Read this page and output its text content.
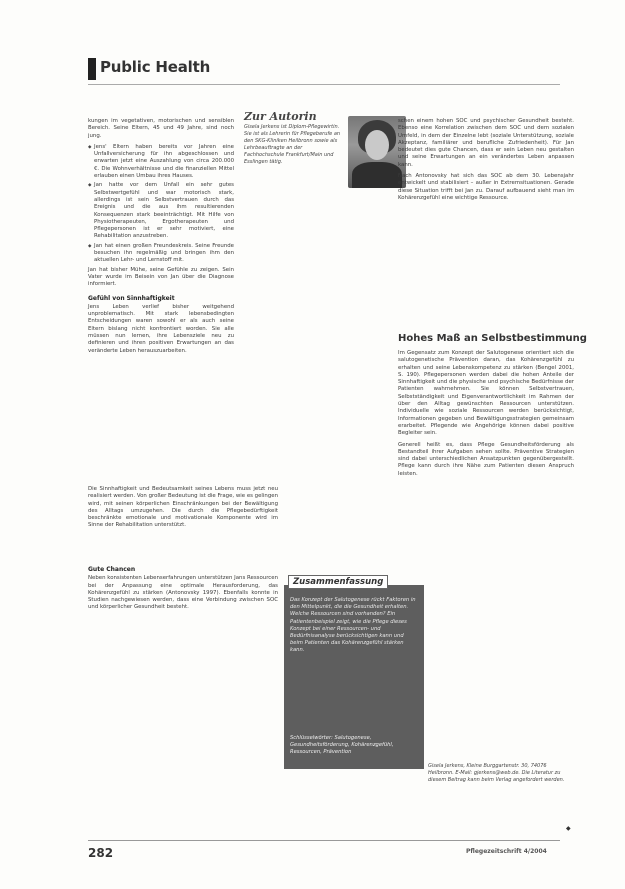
Public Health

kungen im vegetativen, motorischen und sensiblen Bereich. Seine Eltern, 45 und 49 Jahre, sind noch jung.

◆ Jens' Eltern haben bereits vor Jahren eine Unfallversicherung für ihn abgeschlossen und erwarten jetzt eine Auszahlung von circa 200.000 €. Die Wohnverhältnisse und die finanziellen Mittel erlauben einen Umbau ihres Hauses.
◆ Jan hatte vor dem Unfall ein sehr gutes Selbstwertgefühl und war motorisch stark, allerdings ist sein Selbstvertrauen durch das Ereignis und die aus ihm resultierenden Konsequenzen stark beeinträchtigt. Mit Hilfe von Physiotherapeuten, Ergotherapeuten und Pflegepersonen ist er sehr motiviert, eine Rehabilitation anzustreben.
◆ Jan hat einen großen Freundeskreis. Seine Freunde besuchen ihn regelmäßig und bringen ihm den aktuellen Lehr- und Lernstoff mit.

Jan hat bisher Mühe, seine Gefühle zu zeigen. Sein Vater wurde im Beisein von Jan über die Diagnose informiert.

Gefühl von Sinnhaftigkeit

Jens Leben verlief bisher weitgehend unproblematisch. Mit stark lebensbedingten Entscheidungen waren sowohl er als auch seine Eltern bislang nicht konfrontiert worden. Sie alle müssen nun lernen, ihre Lebensziele neu zu definieren und ihren positiven Erwartungen an das veränderte Leben herauszuarbeiten.

Zur Autorin
Gisela Jerkens ist Diplom-Pflegewirtin. Sie ist als Lehrerin für Pflegeberufe an den SKG-Kliniken Heilbronn sowie als Lehrbeauftragte an der Fachhochschule Frankfurt/Main und Esslingen tätig.

schen einem hohen SOC und psychischer Gesundheit besteht. Ebenso eine Korrelation zwischen dem SOC und dem sozialen Umfeld, in dem der Einzelne lebt (soziale Unterstützung, soziale Akzeptanz, familiärer und berufliche Zufriedenheit). Für Jan bedeutet dies gute Chancen, dass er sein Leben neu gestalten und seine Erwartungen an ein verändertes Leben anpassen kann.

Nach Antonovsky hat sich das SOC ab dem 30. Lebensjahr entwickelt und stabilisiert – außer in Extremsituationen. Gerade diese Situation trifft bei Jan zu. Darauf aufbauend sieht man im Kohärenzgefühl eine wichtige Ressource.

Hohes Maß an Selbstbestimmung

Im Gegensatz zum Konzept der Salutogenese orientiert sich die salutogenetische Prävention daran, das Kohärenzgefühl zu erhalten und seine Lebenskompetenz zu stärken (Bengel 2001, S. 190). Pflegepersonen werden dabei die hohen Anteile der Sinnhaftigkeit und die physische und psychische Bedürfnisse der Patienten wahrnehmen. Sie können Selbstvertrauen, Selbstständigkeit und Eigenverantwortlichkeit im Rahmen der über den Alltag gewünschten Ressourcen unterstützen. Individuelle wie soziale Ressourcen werden berücksichtigt, Informationen gegeben und Bewältigungsstrategien gemeinsam erarbeitet. Pflegende wie Angehörige können dabei positive Begleiter sein.

Generell heißt es, dass Pflege Gesundheitsförderung als Bestandteil ihrer Aufgaben sehen sollte. Präventive Strategien sind dabei unterschiedlichen Ansatzpunkten gegenübergestellt. Pflege kann durch ihre Nähe zum Patienten diesen Anspruch leisten.

Die Sinnhaftigkeit und Bedeutsamkeit seines Lebens muss jetzt neu realisiert werden. Von großer Bedeutung ist die Frage, wie es gelingen wird, mit seinen körperlichen Einschränkungen bei der Bewältigung des Alltags umzugehen. Die durch die Pflegebedürftigkeit beschränkte emotionale und motivationale Komponente wird im Sinne der Rehabilitation unterstützt.

Gute Chancen

Neben konsistenten Lebenserfahrungen unterstützen Jans Ressourcen bei der Anpassung eine optimale Herausforderung, das Kohärenzgefühl zu stärken (Antonovsky 1997). Ebenfalls konnte in Studien nachgewiesen werden, dass eine Verbindung zwischen SOC und körperlicher Gesundheit besteht.

Zusammenfassung
Das Konzept der Salutogenese rückt Faktoren in den Mittelpunkt, die die Gesundheit erhalten. Welche Ressourcen sind vorhanden? Ein Patientenbeispiel zeigt, wie die Pflege dieses Konzept bei einer Ressourcen- und Bedürfnisanalyse berücksichtigen kann und beim Patienten das Kohärenzgefühl stärken kann.
Schlüsselwörter: Salutogenese, Gesundheitsförderung, Kohärenzgefühl, Ressourcen, Prävention
Gisela Jerkens, Kleine Burggartenstr. 30, 74076 Heilbronn. E-Mail: gjerkens@web.de. Die Literatur zu diesem Beitrag kann beim Verlag angefordert werden.
◆
282	Pflegezeitschrift 4/2004
